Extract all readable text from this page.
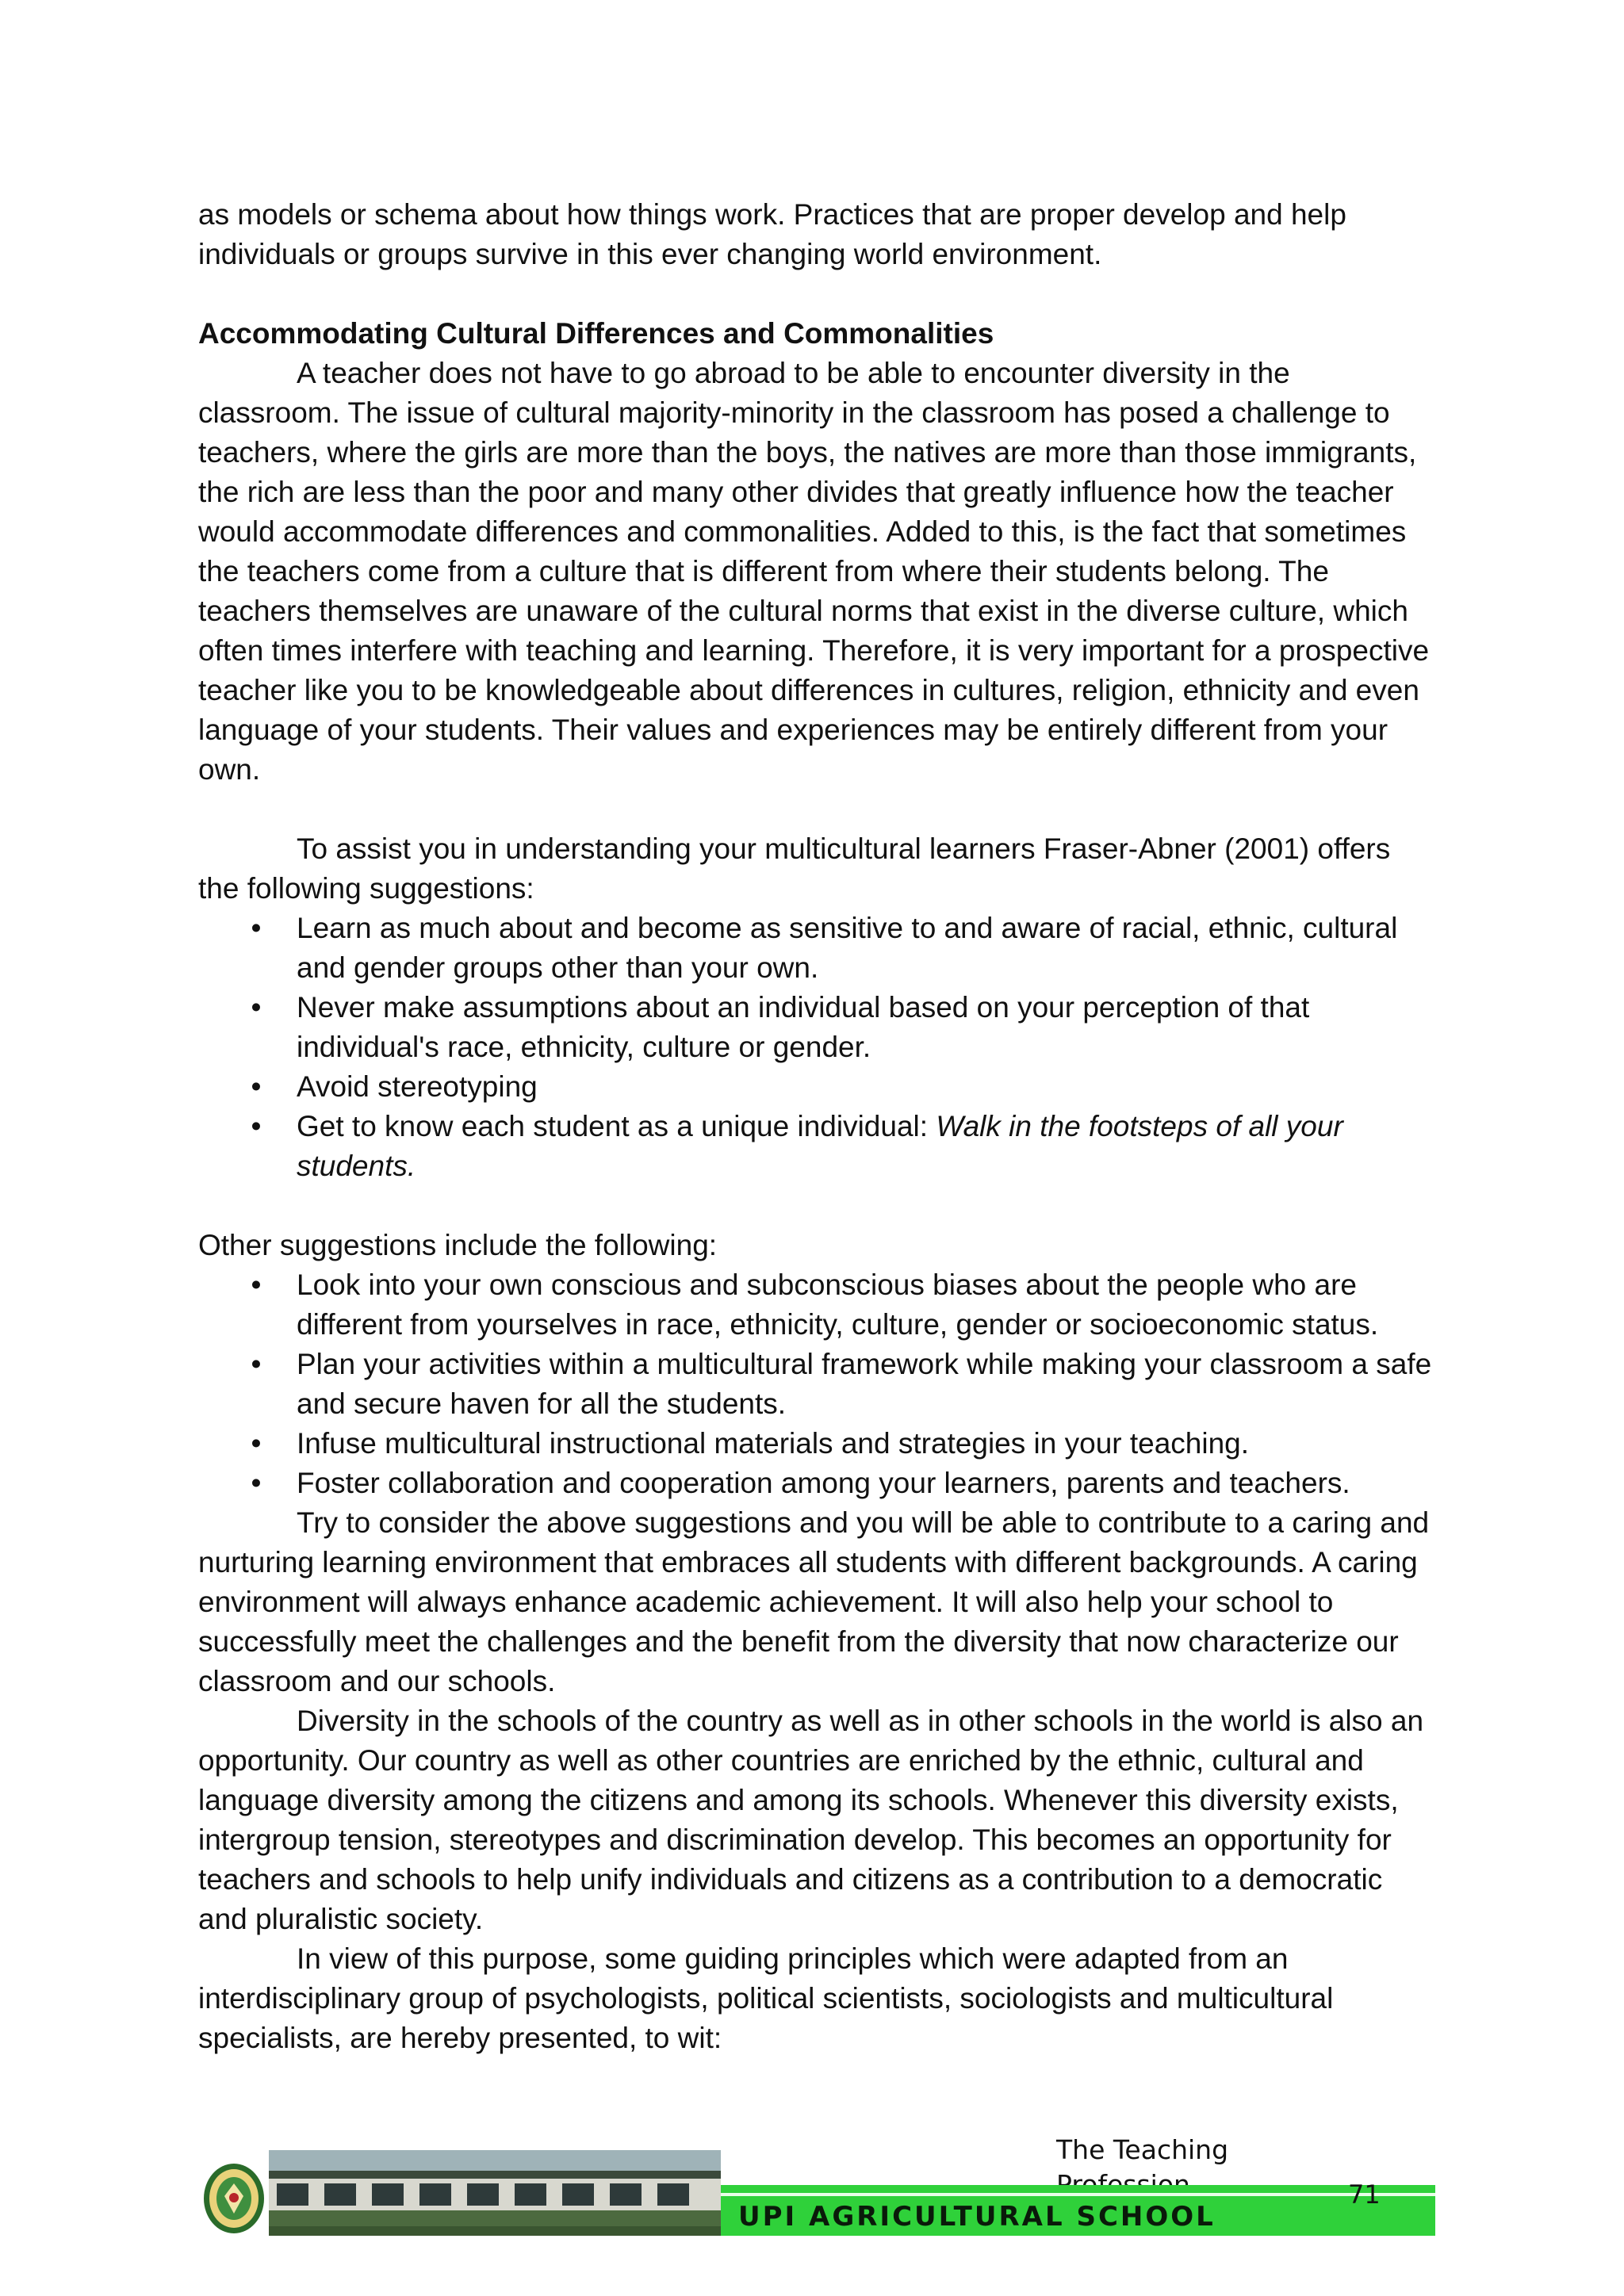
as models or schema about how things work. Practices that are proper develop and help individuals or groups survive in this ever changing world environment.

Accommodating Cultural Differences and Commonalities

A teacher does not have to go abroad to be able to encounter diversity in the classroom. The issue of cultural majority-minority in the classroom has posed a challenge to teachers, where the girls are more than the boys, the natives are more than those immigrants, the rich are less than the poor and many other divides that greatly influence how the teacher would accommodate differences and commonalities. Added to this, is the fact that sometimes the teachers come from a culture that is different from where their students belong. The teachers themselves are unaware of the cultural norms that exist in the diverse culture, which often times interfere with teaching and learning. Therefore, it is very important for a prospective teacher like you to be knowledgeable about differences in cultures, religion, ethnicity and even language of your students. Their values and experiences may be entirely different from your own.

To assist you in understanding your multicultural learners Fraser-Abner (2001) offers the following suggestions:

• Learn as much about and become as sensitive to and aware of racial, ethnic, cultural and gender groups other than your own.
• Never make assumptions about an individual based on your perception of that individual's race, ethnicity, culture or gender.
• Avoid stereotyping
• Get to know each student as a unique individual: Walk in the footsteps of all your students.

Other suggestions include the following:

• Look into your own conscious and subconscious biases about the people who are different from yourselves in race, ethnicity, culture, gender or socioeconomic status.
• Plan your activities within a multicultural framework while making your classroom a safe and secure haven for all the students.
• Infuse multicultural instructional materials and strategies in your teaching.
• Foster collaboration and cooperation among your learners, parents and teachers.

Try to consider the above suggestions and you will be able to contribute to a caring and nurturing learning environment that embraces all students with different backgrounds. A caring environment will always enhance academic achievement. It will also help your school to successfully meet the challenges and the benefit from the diversity that now characterize our classroom and our schools.

Diversity in the schools of the country as well as in other schools in the world is also an opportunity. Our country as well as other countries are enriched by the ethnic, cultural and language diversity among the citizens and among its schools. Whenever this diversity exists, intergroup tension, stereotypes and discrimination develop. This becomes an opportunity for teachers and schools to help unify individuals and citizens as a contribution to a democratic and pluralistic society.

In view of this purpose, some guiding principles which were adapted from an interdisciplinary group of psychologists, political scientists, sociologists and multicultural specialists, are hereby presented, to wit:

The Teaching
UPI AGRICULTURAL SCHOOL
71
